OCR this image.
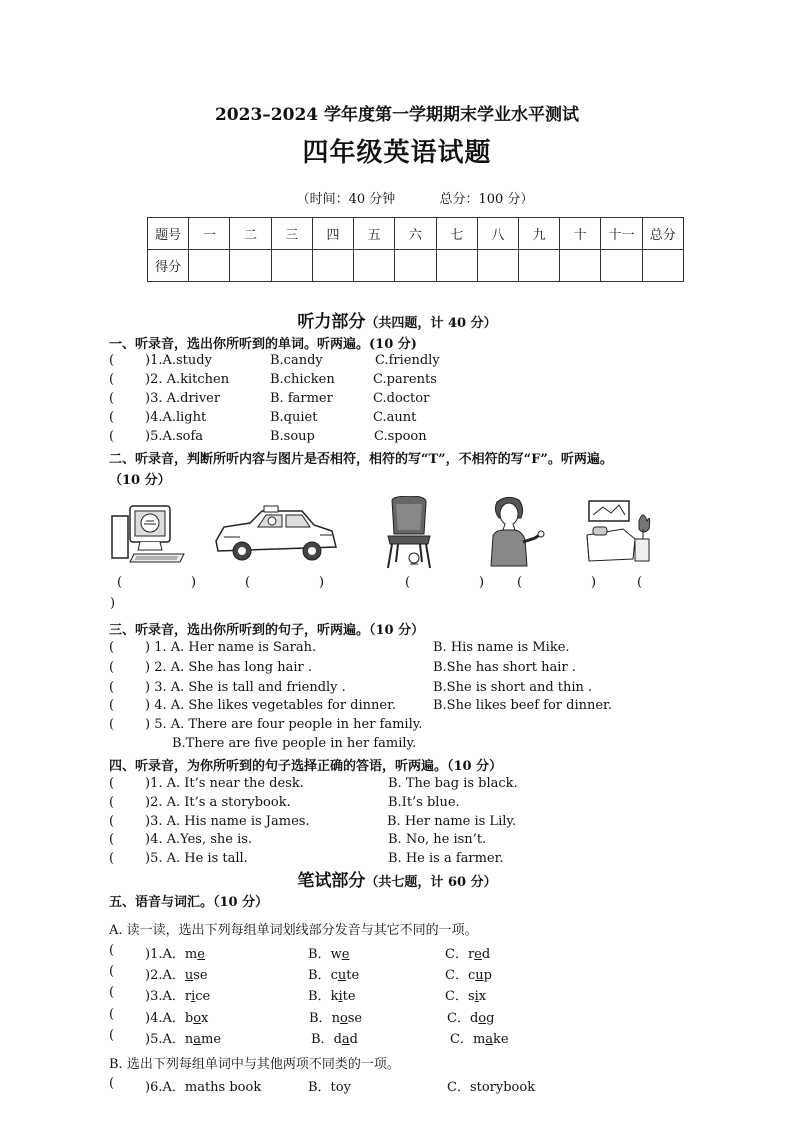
2023–2024 学年度第一学期期末学业水平测试
四年级英语试题
（时间：40 分钟	总分：100 分）
题号	一	二	三	四	五	六	七	八	九	十	十一	总分
得分												
听力部分（共四题，计 40 分）
一、听录音，选出你所听到的单词。听两遍。(10 分)
( )1.A.study	B.candy	C.friendly
( )2. A.kitchen	B.chicken	C.parents
( )3. A.driver	B. farmer	C.doctor
( )4.A.light	B.quiet	C.aunt
( )5.A.sofa	B.soup	C.spoon
二、听录音，判断所听内容与图片是否相符，相符的写“T”，不相符的写“F”。听两遍。
（10 分）
(	)	(	)	(	)	(	)	(
)
三、听录音，选出你所听到的句子，听两遍。（10 分）
( ) 1. A. Her name is Sarah.	B. His name is Mike.
( ) 2. A. She has long hair .	B.She has short hair .
( ) 3. A. She is tall and friendly .	B.She is short and thin .
( ) 4. A. She likes vegetables for dinner.	B.She likes beef for dinner.
( ) 5. A. There are four people in her family.
B.There are five people in her family.
四、听录音，为你所听到的句子选择正确的答语，听两遍。（10 分）
( )1. A. It’s near the desk.	B. The bag is black.
( )2. A. It’s a storybook.	B.It’s blue.
( )3. A. His name is James.	B. Her name is Lily.
( )4. A.Yes, she is.	B. No, he isn’t.
( )5. A. He is tall.	B. He is a farmer.
笔试部分（共七题，计 60 分）
五、语音与词汇。（10 分）
A. 读一读，选出下列每组单词划线部分发音与其它不同的一项。
( )1.A．me	B．we	C．red
( )2.A．use	B．cute	C．cup
( )3.A．rice	B．kite	C．six
( )4.A．box	B．nose	C．dog
( )5.A．name	B．dad	C．make
B. 选出下列每组单词中与其他两项不同类的一项。
( )6.A．maths book	B．toy	C．storybook
